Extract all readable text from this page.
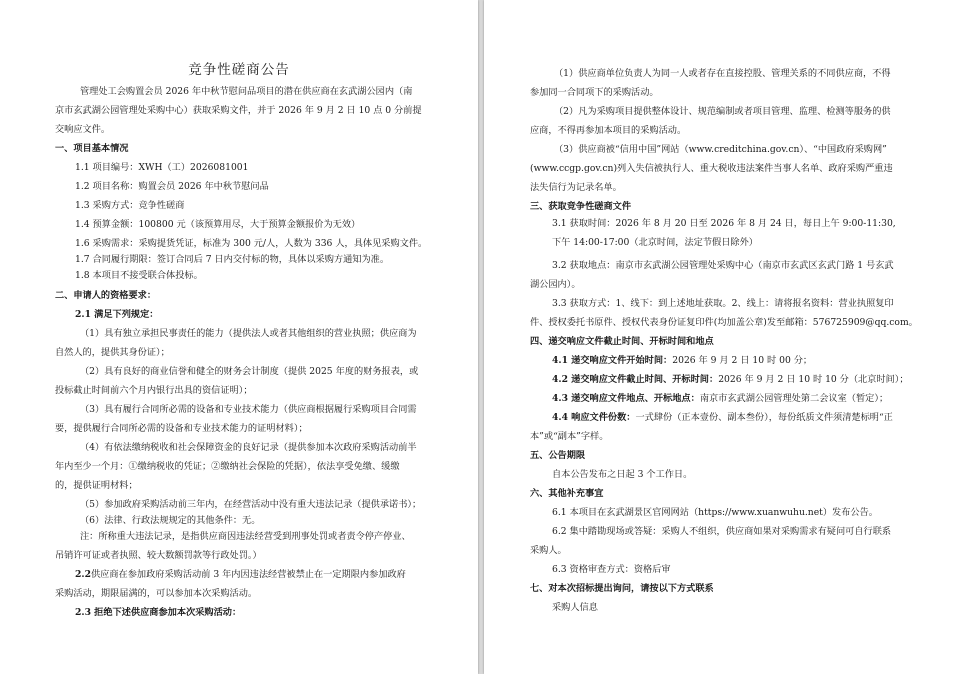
竞争性磋商公告
管理处工会购置会员 2026 年中秋节慰问品项目的潜在供应商在玄武湖公园内（南
京市玄武湖公园管理处采购中心）获取采购文件，并于 2026 年 9 月 2 日 10 点 0 分前提
交响应文件。
一、项目基本情况
1.1 项目编号：XWH（工）2026081001
1.2 项目名称：购置会员 2026 年中秋节慰问品
1.3 采购方式：竞争性磋商
1.4 预算金额：100800 元（该预算用尽，大于预算金额报价为无效）
1.6 采购需求：采购提货凭证，标准为 300 元/人，人数为 336 人，具体见采购文件。
1.7 合同履行期限：签订合同后 7 日内交付标的物，具体以采购方通知为准。
1.8 本项目不接受联合体投标。
二、申请人的资格要求：
2.1 满足下列规定：
（1）具有独立承担民事责任的能力（提供法人或者其他组织的营业执照；供应商为
自然人的，提供其身份证）；
（2）具有良好的商业信誉和健全的财务会计制度（提供 2025 年度的财务报表，或
投标截止时间前六个月内银行出具的资信证明）；
（3）具有履行合同所必需的设备和专业技术能力（供应商根据履行采购项目合同需
要，提供履行合同所必需的设备和专业技术能力的证明材料）；
（4）有依法缴纳税收和社会保障资金的良好记录（提供参加本次政府采购活动前半
年内至少一个月：①缴纳税收的凭证；②缴纳社会保险的凭据），依法享受免缴、缓缴
的，提供证明材料；
（5）参加政府采购活动前三年内，在经营活动中没有重大违法记录（提供承诺书）；
（6）法律、行政法规规定的其他条件：无。
注：所称重大违法记录，是指供应商因违法经营受到刑事处罚或者责令停产停业、
吊销许可证或者执照、较大数额罚款等行政处罚。）
2.2供应商在参加政府采购活动前 3 年内因违法经营被禁止在一定期限内参加政府
采购活动，期限届满的，可以参加本次采购活动。
2.3 拒绝下述供应商参加本次采购活动：
（1）供应商单位负责人为同一人或者存在直接控股、管理关系的不同供应商，不得
参加同一合同项下的采购活动。
（2）凡为采购项目提供整体设计、规范编制或者项目管理、监理、检测等服务的供
应商，不得再参加本项目的采购活动。
（3）供应商被“信用中国”网站（www.creditchina.gov.cn）、“中国政府采购网”
(www.ccgp.gov.cn)列入失信被执行人、重大税收违法案件当事人名单、政府采购严重违
法失信行为记录名单。
三、获取竞争性磋商文件
3.1 获取时间：2026 年 8 月 20 日至 2026 年 8 月 24 日，每日上午 9:00-11:30,
下午 14:00-17:00（北京时间，法定节假日除外）
3.2 获取地点：南京市玄武湖公园管理处采购中心（南京市玄武区玄武门路 1 号玄武
湖公园内）。
3.3 获取方式：1、线下：到上述地址获取。2、线上：请将报名资料：营业执照复印
件、授权委托书原件、授权代表身份证复印件(均加盖公章)发至邮箱：576725909@qq.com。
四、递交响应文件截止时间、开标时间和地点
4.1 递交响应文件开始时间：2026 年 9 月 2 日 10 时 00 分；
4.2 递交响应文件截止时间、开标时间：2026 年 9 月 2 日 10 时 10 分（北京时间）；
4.3 递交响应文件地点、开标地点：南京市玄武湖公园管理处第二会议室（暂定）；
4.4 响应文件份数：一式肆份（正本壹份、副本叁份），每份纸质文件须清楚标明“正
本”或“副本”字样。
五、公告期限
自本公告发布之日起 3 个工作日。
六、其他补充事宜
6.1 本项目在玄武湖景区官网网站（https://www.xuanwuhu.net）发布公告。
6.2 集中踏勘现场或答疑：采购人不组织，供应商如果对采购需求有疑问可自行联系
采购人。
6.3 资格审查方式：资格后审
七、对本次招标提出询问，请按以下方式联系
采购人信息
